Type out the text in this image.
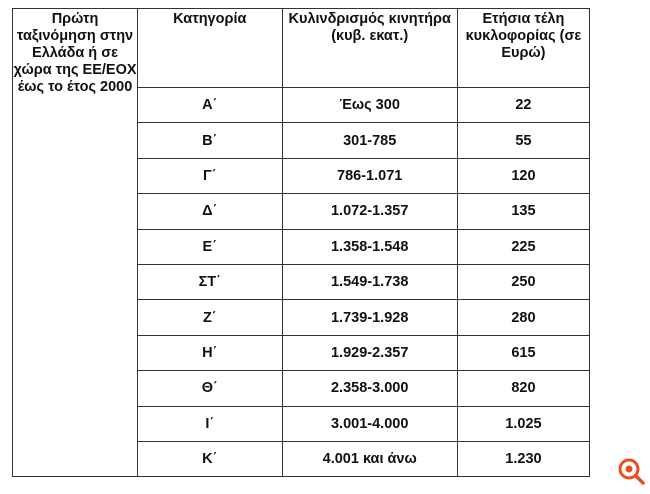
Πρώτη ταξινόμηση στην Ελλάδα ή σε χώρα της ΕΕ/ΕΟΧ έως το έτος 2000	Κατηγορία	Κυλινδρισμός κινητήρα (κυβ. εκατ.)	Ετήσια τέλη κυκλοφορίας (σε Ευρώ)

	Α΄	Έως 300	22
	Β΄	301-785	55
	Γ΄	786-1.071	120
	Δ΄	1.072-1.357	135
	Ε΄	1.358-1.548	225
	ΣΤ΄	1.549-1.738	250
	Ζ΄	1.739-1.928	280
	Η΄	1.929-2.357	615
	Θ΄	2.358-3.000	820
	Ι΄	3.001-4.000	1.025
	Κ΄	4.001 και άνω	1.230
